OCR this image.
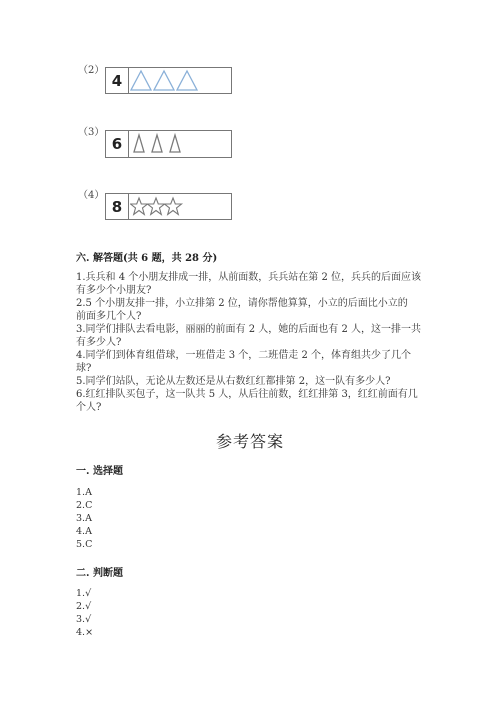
（2）
4
（3）
6
（4）
8
六. 解答题(共 6 题，共 28 分)
1.兵兵和 4 个小朋友排成一排，从前面数，兵兵站在第 2 位，兵兵的后面应该
有多少个小朋友?
2.5 个小朋友排一排，小立排第 2 位，请你帮他算算，小立的后面比小立的
前面多几个人?
3.同学们排队去看电影，丽丽的前面有 2 人，她的后面也有 2 人，这一排一共
有多少人?
4.同学们到体育组借球，一班借走 3 个，二班借走 2 个，体育组共少了几个
球?
5.同学们站队，无论从左数还是从右数红红都排第 2，这一队有多少人?
6.红红排队买包子，这一队共 5 人，从后往前数，红红排第 3，红红前面有几
个人?
参考答案
一. 选择题
1.A
2.C
3.A
4.A
5.C
二. 判断题
1.√
2.√
3.√
4.×
